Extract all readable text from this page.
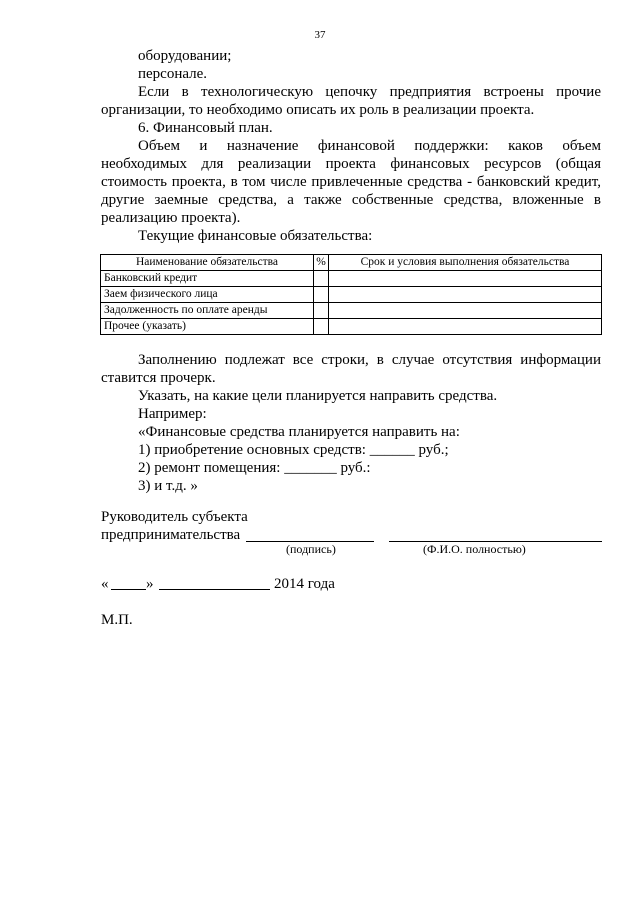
37
оборудовании;
персонале.
Если в технологическую цепочку предприятия встроены прочие
организации, то необходимо описать их роль в реализации проекта.
6. Финансовый план.
Объем и назначение финансовой поддержки: каков объем
необходимых для реализации проекта финансовых ресурсов (общая
стоимость проекта, в том числе привлеченные средства - банковский кредит,
другие заемные средства, а также собственные средства, вложенные в
реализацию проекта).
Текущие финансовые обязательства:
Наименование обязательства	%	Срок и условия выполнения обязательства
Банковский кредит		
Заем физического лица		
Задолженность по оплате аренды		
Прочее (указать)		
Заполнению подлежат все строки, в случае отсутствия информации
ставится прочерк.
Указать, на какие цели планируется направить средства.
Например:
«Финансовые средства планируется направить на:
1) приобретение основных средств: ______ руб.;
2) ремонт помещения: _______ руб.:
3) и т.д. »
Руководитель субъекта
предпринимательства
(подпись)	(Ф.И.О. полностью)
«	»	2014 года
М.П.
